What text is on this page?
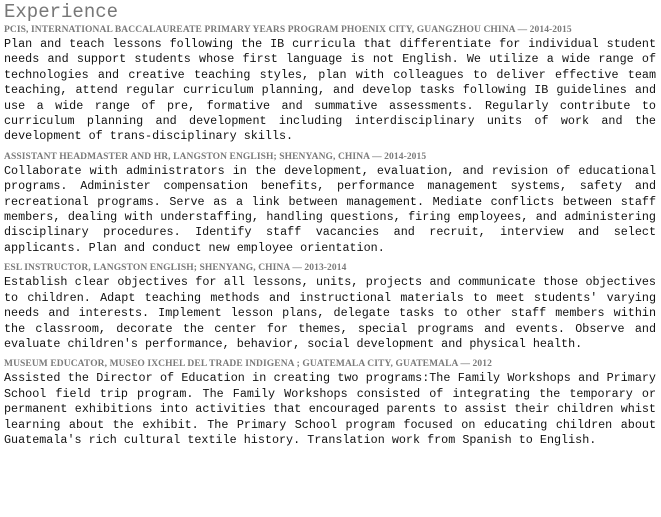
Experience
PCIS, INTERNATIONAL BACCALAUREATE PRIMARY YEARS PROGRAM PHOENIX CITY, GUANGZHOU CHINA — 2014-2015

Plan and teach lessons following the IB curricula that differentiate for individual student needs and support students whose first language is not English. We utilize a wide range of technologies and creative teaching styles, plan with colleagues to deliver effective team teaching, attend regular curriculum planning, and develop tasks following IB guidelines and use a wide range of pre, formative and summative assessments. Regularly contribute to curriculum planning and development including interdisciplinary units of work and the development of trans-disciplinary skills.

ASSISTANT HEADMASTER AND HR, LANGSTON ENGLISH; SHENYANG, CHINA — 2014-2015

Collaborate with administrators in the development, evaluation, and revision of educational programs. Administer compensation benefits, performance management systems, safety and recreational programs. Serve as a link between management. Mediate conflicts between staff members, dealing with understaffing, handling questions, firing employees, and administering disciplinary procedures. Identify staff vacancies and recruit, interview and select applicants. Plan and conduct new employee orientation.

ESL INSTRUCTOR, LANGSTON ENGLISH; SHENYANG, CHINA — 2013-2014

Establish clear objectives for all lessons, units, projects and communicate those objectives to children. Adapt teaching methods and instructional materials to meet students' varying needs and interests. Implement lesson plans, delegate tasks to other staff members within the classroom, decorate the center for themes, special programs and events. Observe and evaluate children's performance, behavior, social development and physical health.

MUSEUM EDUCATOR, MUSEO IXCHEL DEL TRADE INDIGENA ; GUATEMALA CITY, GUATEMALA — 2012

Assisted the Director of Education in creating two programs:The Family Workshops and Primary School field trip program. The Family Workshops consisted of integrating the temporary or permanent exhibitions into activities that encouraged parents to assist their children whist learning about the exhibit. The Primary School program focused on educating children about Guatemala's rich cultural textile history. Translation work from Spanish to English.
